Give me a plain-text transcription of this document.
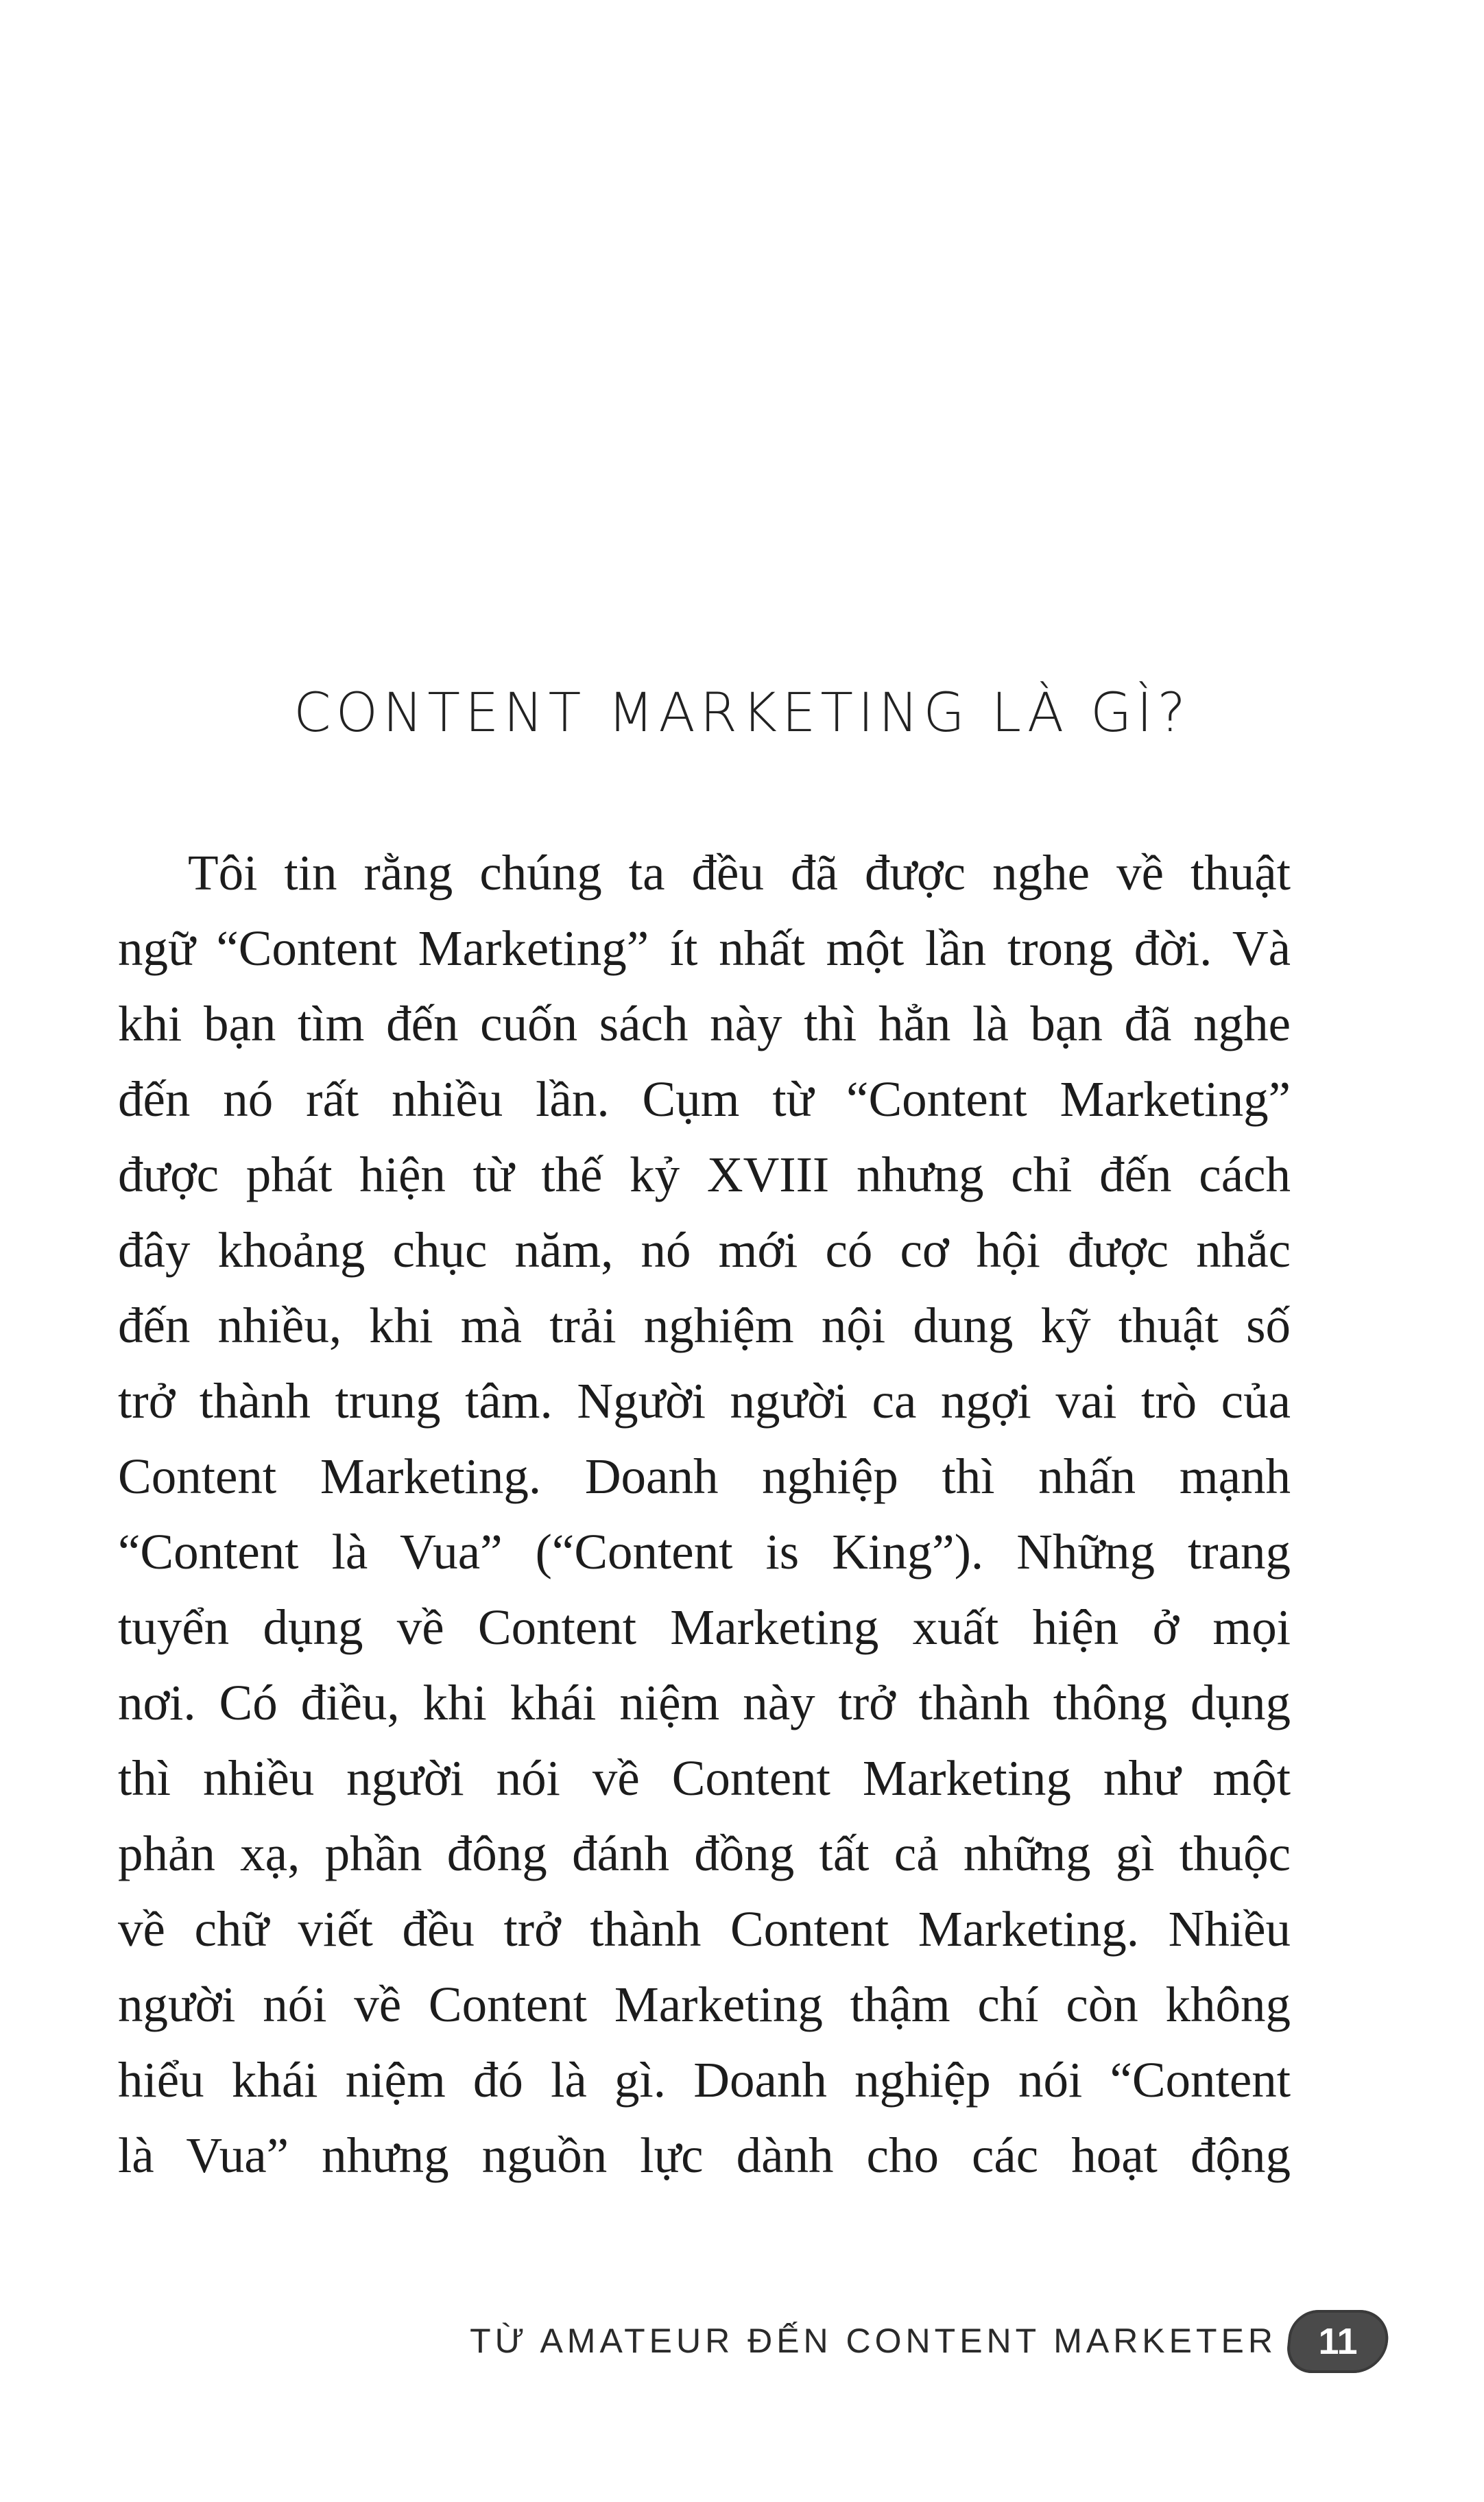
CONTENT MARKETING LÀ GÌ?
Tôi tin rằng chúng ta đều đã được nghe về thuật
ngữ “Content Marketing” ít nhất một lần trong đời. Và
khi bạn tìm đến cuốn sách này thì hẳn là bạn đã nghe
đến nó rất nhiều lần. Cụm từ “Content Marketing”
được phát hiện từ thế kỷ XVIII nhưng chỉ đến cách
đây khoảng chục năm, nó mới có cơ hội được nhắc
đến nhiều, khi mà trải nghiệm nội dung kỹ thuật số
trở thành trung tâm. Người người ca ngợi vai trò của
Content Marketing. Doanh nghiệp thì nhấn mạnh
“Content là Vua” (“Content is King”). Những trang
tuyển dụng về Content Marketing xuất hiện ở mọi
nơi. Có điều, khi khái niệm này trở thành thông dụng
thì nhiều người nói về Content Marketing như một
phản xạ, phần đông đánh đồng tất cả những gì thuộc
về chữ viết đều trở thành Content Marketing. Nhiều
người nói về Content Marketing thậm chí còn không
hiểu khái niệm đó là gì. Doanh nghiệp nói “Content
là Vua” nhưng nguồn lực dành cho các hoạt động
TỪ AMATEUR ĐẾN CONTENT MARKETER	11
